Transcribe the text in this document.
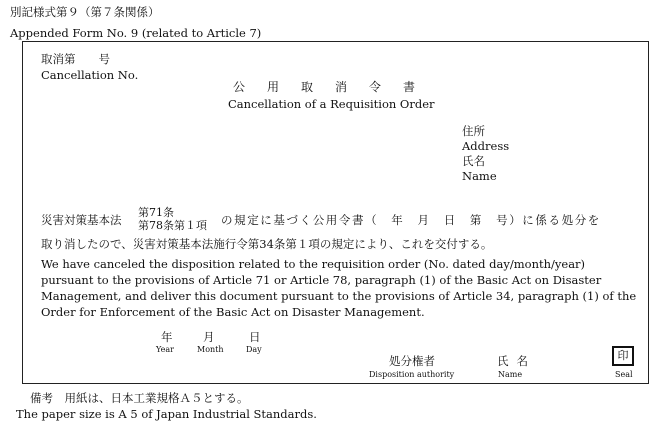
別記様式第９（第７条関係）
Appended Form No. 9 (related to Article 7)
取消第　　号
Cancellation No.
公用取消令書
Cancellation of a Requisition Order
住所
Address
氏名
Name
災害対策基本法
第71条
第78条第１項 の規定に基づく公用令書（　年　月　日　第　号）に係る処分を
取り消したので、災害対策基本法施行令第34条第１項の規定により、これを交付する。
We have canceled the disposition related to the requisition order (No. dated day/month/year) pursuant to the provisions of Article 71 or Article 78, paragraph (1) of the Basic Act on Disaster Management, and deliver this document pursuant to the provisions of Article 34, paragraph (1) of the Order for Enforcement of the Basic Act on Disaster Management.
年
Year
月
Month
日
Day
処分権者
Disposition authority
氏名
Name
印
Seal
備考　用紙は、日本工業規格Ａ５とする。
The paper size is A 5 of Japan Industrial Standards.
